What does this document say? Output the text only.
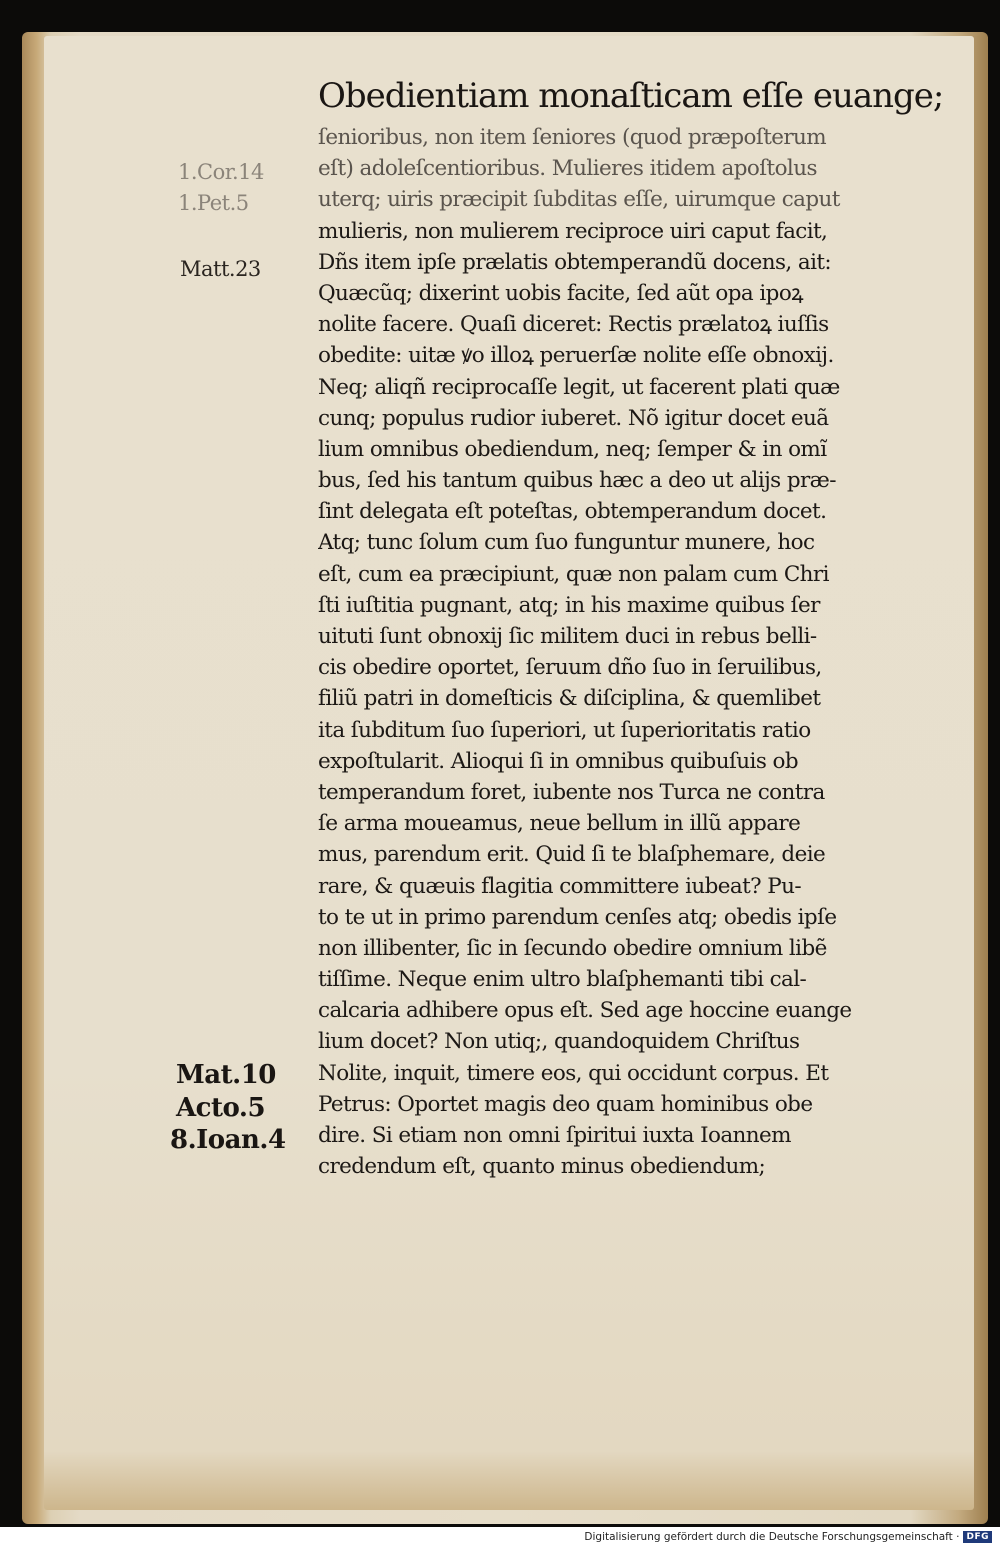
Obedientiam monaſticam eſſe euange;
1.Cor.14
1.Pet.5
Matt.23
Mat.10
Acto.5
8.Ioan.4
ſenioribus, non item ſeniores (quod præpoſterum
eſt) adoleſcentioribus. Mulieres itidem apoſtolus
uterq; uiris præcipit ſubditas eſſe, uirumque caput
mulieris, non mulierem reciproce uiri caput facit,
Dñs item ipſe prælatis obtemperandũ docens, ait:
Quæcũq; dixerint uobis facite, ſed aũt opa ipoꝝ
nolite facere. Quaſi diceret: Rectis prælatoꝝ iuſſis
obedite: uitæ ꝟo illoꝝ peruerſæ nolite eſſe obnoxij.
Neq; aliqñ reciprocaſſe legit, ut facerent plati quæ
cunq; populus rudior iuberet. Nõ igitur docet euã
lium omnibus obediendum, neq; ſemper & in omĩ
bus, ſed his tantum quibus hæc a deo ut alijs præ-
ſint delegata eſt poteſtas, obtemperandum docet.
Atq; tunc ſolum cum ſuo funguntur munere, hoc
eſt, cum ea præcipiunt, quæ non palam cum Chri
ſti iuſtitia pugnant, atq; in his maxime quibus ſer
uituti ſunt obnoxij ſic militem duci in rebus belli-
cis obedire oportet, ſeruum dño ſuo in ſeruilibus,
filiũ patri in domeſticis & diſciplina, & quemlibet
ita ſubditum ſuo ſuperiori, ut ſuperioritatis ratio
expoſtularit. Alioqui ſi in omnibus quibuſuis ob
temperandum foret, iubente nos Turca ne contra
ſe arma moueamus, neue bellum in illũ appare
mus, parendum erit. Quid ſi te blaſphemare, deie
rare, & quæuis flagitia committere iubeat? Pu-
to te ut in primo parendum cenſes atq; obedis ipſe
non illibenter, ſic in ſecundo obedire omnium libẽ
tiſſime. Neque enim ultro blaſphemanti tibi cal-
calcaria adhibere opus eſt. Sed age hoccine euange
lium docet? Non utiq;, quandoquidem Chriſtus
Nolite, inquit, timere eos, qui occidunt corpus. Et
Petrus: Oportet magis deo quam hominibus obe
dire. Si etiam non omni ſpiritui iuxta Ioannem
credendum eſt, quanto minus obediendum;
Digitalisierung gefördert durch die Deutsche Forschungsgemeinschaft · DFG
